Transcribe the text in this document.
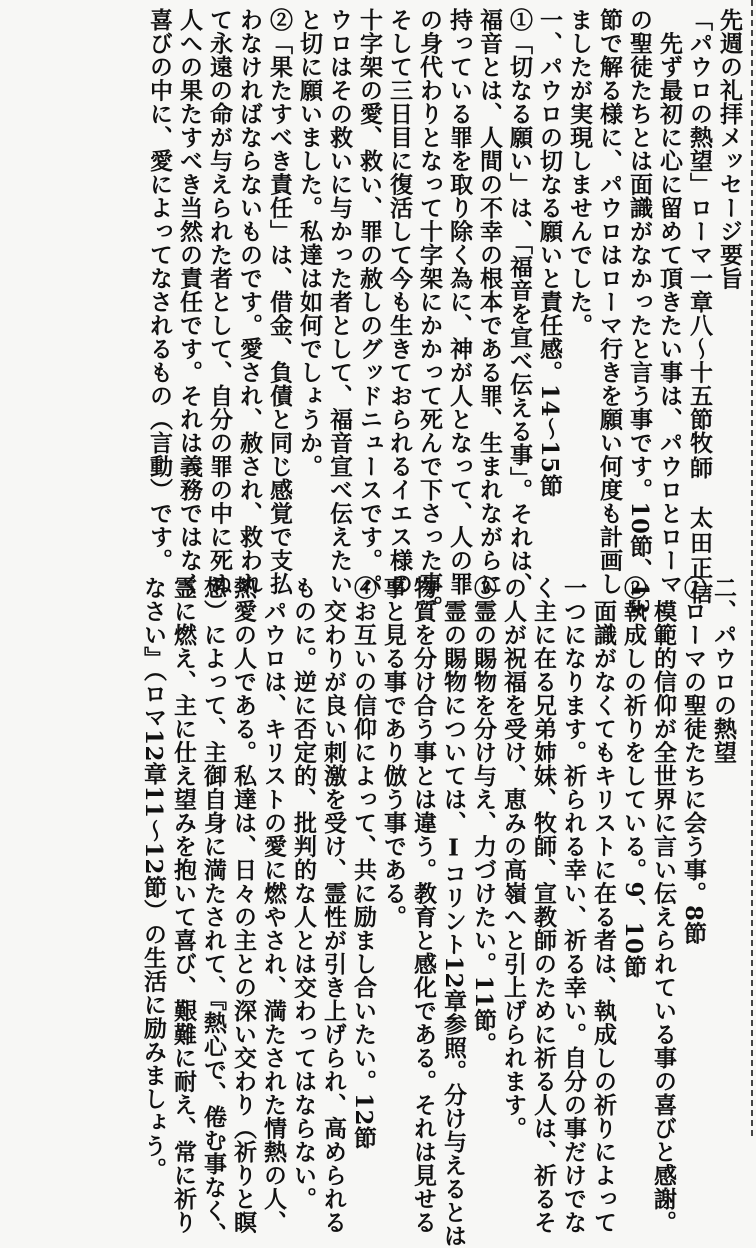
先週の礼拝メッセージ要旨
「パウロの熱望」ローマ一章八〜十五節
牧師　太田正信
　先ず最初に心に留めて頂きたい事は、パウロとローマ
の聖徒たちとは面識がなかったと言う事です。10節、13
節で解る様に、パウロはローマ行きを願い何度も計画し
ましたが実現しませんでした。
一、パウロの切なる願いと責任感。14〜15節
①「切なる願い」は、「福音を宣べ伝える事」。それは、
福音とは、人間の不幸の根本である罪、生まれながらに
持っている罪を取り除く為に、神が人となって、人の罪
の身代わりとなって十字架にかかって死んで下さった事。
そして三日目に復活して今も生きておられるイエス様の
十字架の愛、救い、罪の赦しのグッドニュースです。パ
ウロはその救いに与かった者として、福音宣べ伝えたい
と切に願いました。私達は如何でしょうか。
②「果たすべき責任」は、借金、負債と同じ感覚で支払
わなければならないものです。愛され、赦され、救われ
て永遠の命が与えられた者として、自分の罪の中に死ぬ
人への果たすべき当然の責任です。それは義務ではなく
喜びの中に、愛によってなされるもの（言動）です。
二、パウロの熱望
①ローマの聖徒たちに会う事。8節
　模範的信仰が全世界に言い伝えられている事の喜びと感謝。
②執成しの祈りをしている。9、10節
　面識がなくてもキリストに在る者は、執成しの祈りによって
一つになります。祈られる幸い、祈る幸い。自分の事だけでな
く主に在る兄弟姉妹、牧師、宣教師のために祈る人は、祈るそ
の人が祝福を受け、恵みの高嶺へと引上げられます。
③霊の賜物を分け与え、力づけたい。11節。
　霊の賜物については、Ⅰコリント12章参照。分け与えるとは
物質を分け合う事とは違う。教育と感化である。それは見せる
事と見る事であり倣う事である。
④お互いの信仰によって、共に励まし合いたい。12節
　交わりが良い刺激を受け、霊性が引き上げられ、高められる
ものに。逆に否定的、批判的な人とは交わってはならない。
　パウロは、キリストの愛に燃やされ、満たされた情熱の人、
熱愛の人である。私達は、日々の主との深い交わり（祈りと瞑
想）によって、主御自身に満たされて、『熱心で、倦む事なく、
霊に燃え、主に仕え望みを抱いて喜び、艱難に耐え、常に祈り
なさい』（ロマ12章11〜12節）の生活に励みましょう。
